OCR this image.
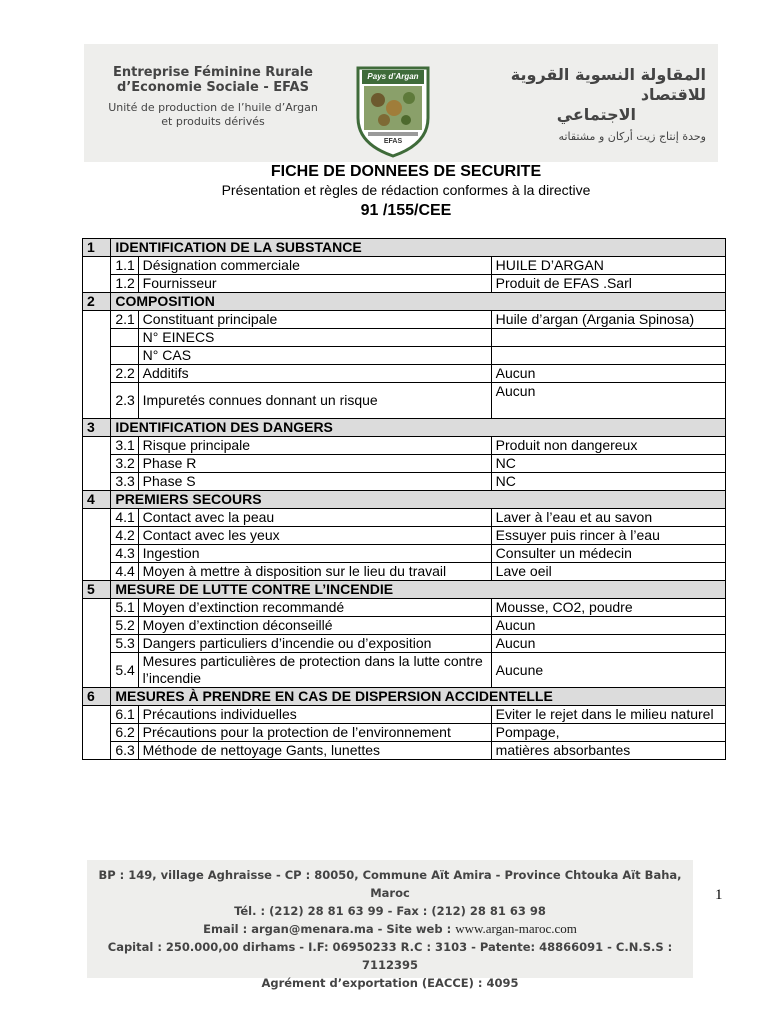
Entreprise Féminine Rurale
d’Economie Sociale - EFAS
Unité de production de l’huile d’Argan
et produits dérivés
Pays d’Argan
EFAS
المقاولة النسوية القروية للاقتصاد
الاجتماعي
وحدة إنتاج زيت أركان و مشتقاته
FICHE DE DONNEES DE SECURITE
Présentation et règles de rédaction conformes à la directive
91 /155/CEE
1	IDENTIFICATION DE LA SUBSTANCE		
	1.1	Désignation commerciale	HUILE D’ARGAN
	1.2	Fournisseur	Produit de EFAS .Sarl
2	COMPOSITION		
	2.1	Constituant principale	Huile d’argan (Argania Spinosa)
		N° EINECS	
		N° CAS	
	2.2	Additifs	Aucun
	2.3	Impuretés connues donnant un risque	Aucun
3	IDENTIFICATION DES DANGERS		
	3.1	Risque principale	Produit non dangereux
	3.2	Phase R	NC
	3.3	Phase S	NC
4	PREMIERS SECOURS		
	4.1	Contact avec la peau	Laver à l’eau et au savon
	4.2	Contact avec les yeux	Essuyer puis rincer à l’eau
	4.3	Ingestion	Consulter un médecin
	4.4	Moyen à mettre à disposition sur le lieu du travail	Lave oeil
5	MESURE DE LUTTE CONTRE L’INCENDIE		
	5.1	Moyen d’extinction recommandé	Mousse, CO2, poudre
	5.2	Moyen d’extinction déconseillé	Aucun
	5.3	Dangers particuliers d’incendie ou d’exposition	Aucun
	5.4	Mesures particulières de protection dans la lutte contre l’incendie	Aucune
6	MESURES À PRENDRE EN CAS DE DISPERSION ACCIDENTELLE		
	6.1	Précautions individuelles	Eviter le rejet dans le milieu naturel
	6.2	Précautions pour la protection de l’environnement	Pompage,
	6.3	Méthode de nettoyage Gants, lunettes	matières absorbantes
1
BP : 149, village Aghraisse - CP : 80050, Commune Aït Amira - Province Chtouka Aït Baha, Maroc
Tél. : (212) 28 81 63 99 - Fax : (212) 28 81 63 98
Email : argan@menara.ma - Site web : www.argan-maroc.com
Capital : 250.000,00 dirhams - I.F: 06950233 R.C : 3103 - Patente: 48866091 - C.N.S.S : 7112395
Agrément d’exportation (EACCE) : 4095
